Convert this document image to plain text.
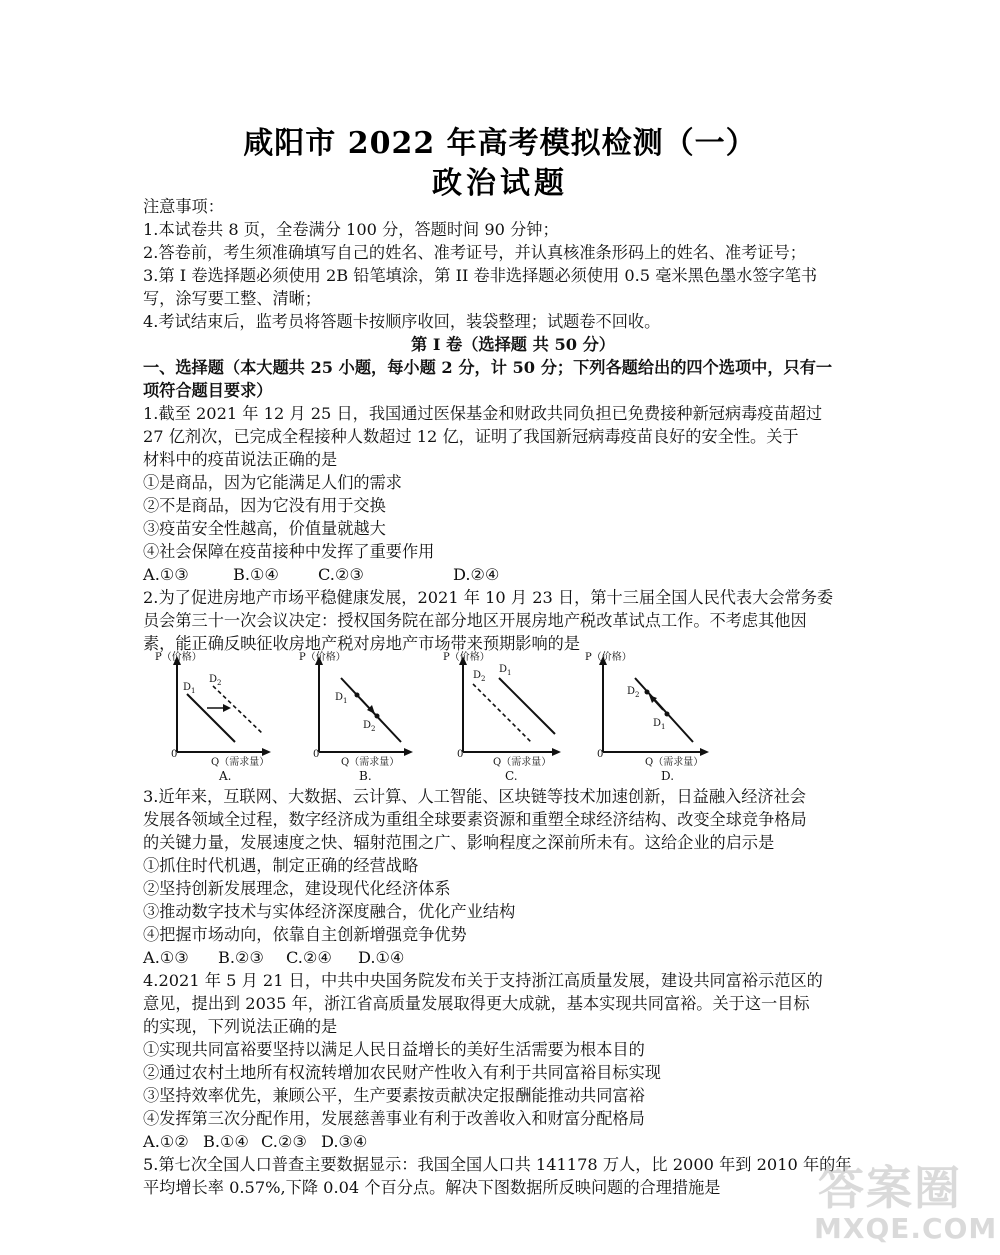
咸阳市 2022 年高考模拟检测（一）
政治试题
注意事项：
1.本试卷共 8 页，全卷满分 100 分，答题时间 90 分钟；
2.答卷前，考生须准确填写自己的姓名、准考证号，并认真核准条形码上的姓名、准考证号；
3.第 I 卷选择题必须使用 2B 铅笔填涂，第 II 卷非选择题必须使用 0.5 毫米黑色墨水签字笔书
写，涂写要工整、清晰；
4.考试结束后，监考员将答题卡按顺序收回，装袋整理；试题卷不回收。
第 I 卷（选择题 共 50 分）
一、选择题（本大题共 25 小题，每小题 2 分，计 50 分；下列各题给出的四个选项中，只有一
项符合题目要求）
1.截至 2021 年 12 月 25 日，我国通过医保基金和财政共同负担已免费接种新冠病毒疫苗超过
27 亿剂次，已完成全程接种人数超过 12 亿，证明了我国新冠病毒疫苗良好的安全性。关于
材料中的疫苗说法正确的是
①是商品，因为它能满足人们的需求
②不是商品，因为它没有用于交换
③疫苗安全性越高，价值量就越大
④社会保障在疫苗接种中发挥了重要作用
A.①③	B.①④ C.②③	D.②④
2.为了促进房地产市场平稳健康发展，2021 年 10 月 23 日，第十三届全国人民代表大会常务委
员会第三十一次会议决定：授权国务院在部分地区开展房地产税改革试点工作。不考虑其他因
素，能正确反映征收房地产税对房地产市场带来预期影响的是
P（价格）
0
Q（需求量）
A.
$D_1$
$D_2$
P（价格）
0
Q（需求量）
B.
$D_1$
$D_2$
P（价格）
0
Q（需求量）
C.
$D_2$
$D_1$
P（价格）
0
Q（需求量）
D.
$D_2$
$D_1$
3.近年来，互联网、大数据、云计算、人工智能、区块链等技术加速创新，日益融入经济社会
发展各领域全过程，数字经济成为重组全球要素资源和重塑全球经济结构、改变全球竞争格局
的关键力量，发展速度之快、辐射范围之广、影响程度之深前所未有。这给企业的启示是
①抓住时代机遇，制定正确的经营战略
②坚持创新发展理念，建设现代化经济体系
③推动数字技术与实体经济深度融合，优化产业结构
④把握市场动向，依靠自主创新增强竞争优势
A.①③ B.②③ C.②④ D.①④
4.2021 年 5 月 21 日，中共中央国务院发布关于支持浙江高质量发展，建设共同富裕示范区的
意见，提出到 2035 年，浙江省高质量发展取得更大成就，基本实现共同富裕。关于这一目标
的实现，下列说法正确的是
①实现共同富裕要坚持以满足人民日益增长的美好生活需要为根本目的
②通过农村土地所有权流转增加农民财产性收入有利于共同富裕目标实现
③坚持效率优先，兼顾公平，生产要素按贡献决定报酬能推动共同富裕
④发挥第三次分配作用，发展慈善事业有利于改善收入和财富分配格局
A.①② B.①④ C.②③ D.③④
5.第七次全国人口普查主要数据显示：我国全国人口共 141178 万人，比 2000 年到 2010 年的年
平均增长率 0.57%,下降 0.04 个百分点。解决下图数据所反映问题的合理措施是	答案圈
MXQE.COM
